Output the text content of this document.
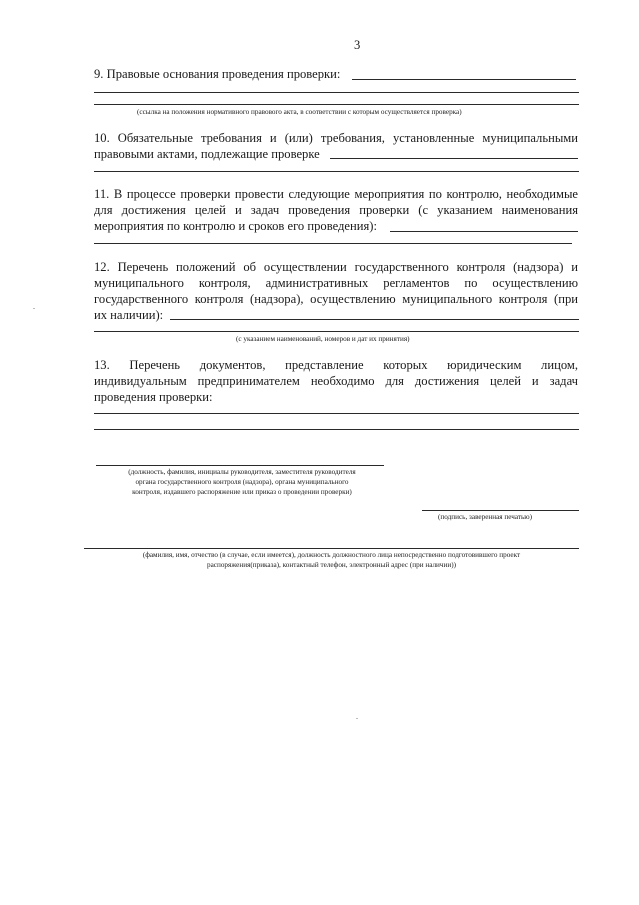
3
9. Правовые основания проведения проверки:
(ссылка на положения нормативного правового акта, в соответствии с которым осуществляется проверка)
10. Обязательные требования и (или) требования, установленные муниципальными
правовыми актами, подлежащие проверке
11. В процессе проверки провести следующие мероприятия по контролю, необходимые
для достижения целей и задач проведения проверки (с указанием наименования
мероприятия по контролю и сроков его проведения):
12. Перечень положений об осуществлении государственного контроля (надзора) и
муниципального контроля, административных регламентов по осуществлению
государственного контроля (надзора), осуществлению муниципального контроля (при
их наличии):
(с указанием наименований, номеров и дат их принятия)
13. Перечень документов, представление которых юридическим лицом,
индивидуальным предпринимателем необходимо для достижения целей и задач
проведения проверки:
(должность, фамилия, инициалы руководителя, заместителя руководителя
органа государственного контроля (надзора), органа муниципального
контроля, издавшего распоряжение или приказ о проведении проверки)
(подпись, заверенная печатью)
(фамилия, имя, отчество (в случае, если имеется), должность должностного лица непосредственно подготовившего проект
распоряжения(приказа), контактный телефон, электронный адрес (при наличии))
